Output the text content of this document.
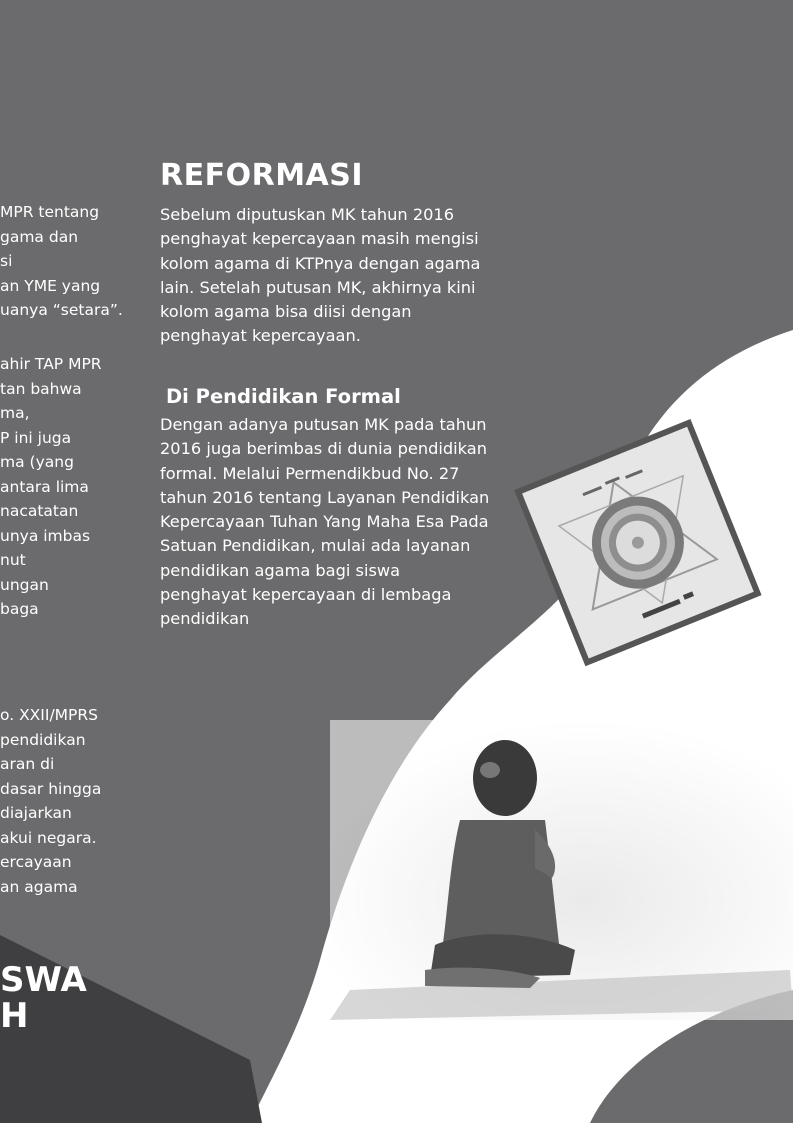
MPR tentang
gama dan
si
an YME yang
uanya “setara”.
ahir TAP MPR
tan bahwa
ma,
P ini juga
ma (yang
antara lima
nacatatan
unya imbas
nut
ungan
baga
o. XXII/MPRS
pendidikan
aran di
dasar hingga
diajarkan
akui negara.
ercayaan
an agama
SWA
H
REFORMASI

Sebelum diputuskan MK tahun 2016
penghayat kepercayaan masih mengisi
kolom agama di KTPnya dengan agama
lain. Setelah putusan MK, akhirnya kini
kolom agama bisa diisi dengan
penghayat kepercayaan.

Di Pendidikan Formal

Dengan adanya putusan MK pada tahun
2016 juga berimbas di dunia pendidikan
formal. Melalui Permendikbud No. 27
tahun 2016 tentang Layanan Pendidikan
Kepercayaan Tuhan Yang Maha Esa Pada
Satuan Pendidikan, mulai ada layanan
pendidikan agama bagi siswa
penghayat kepercayaan di lembaga
pendidikan
